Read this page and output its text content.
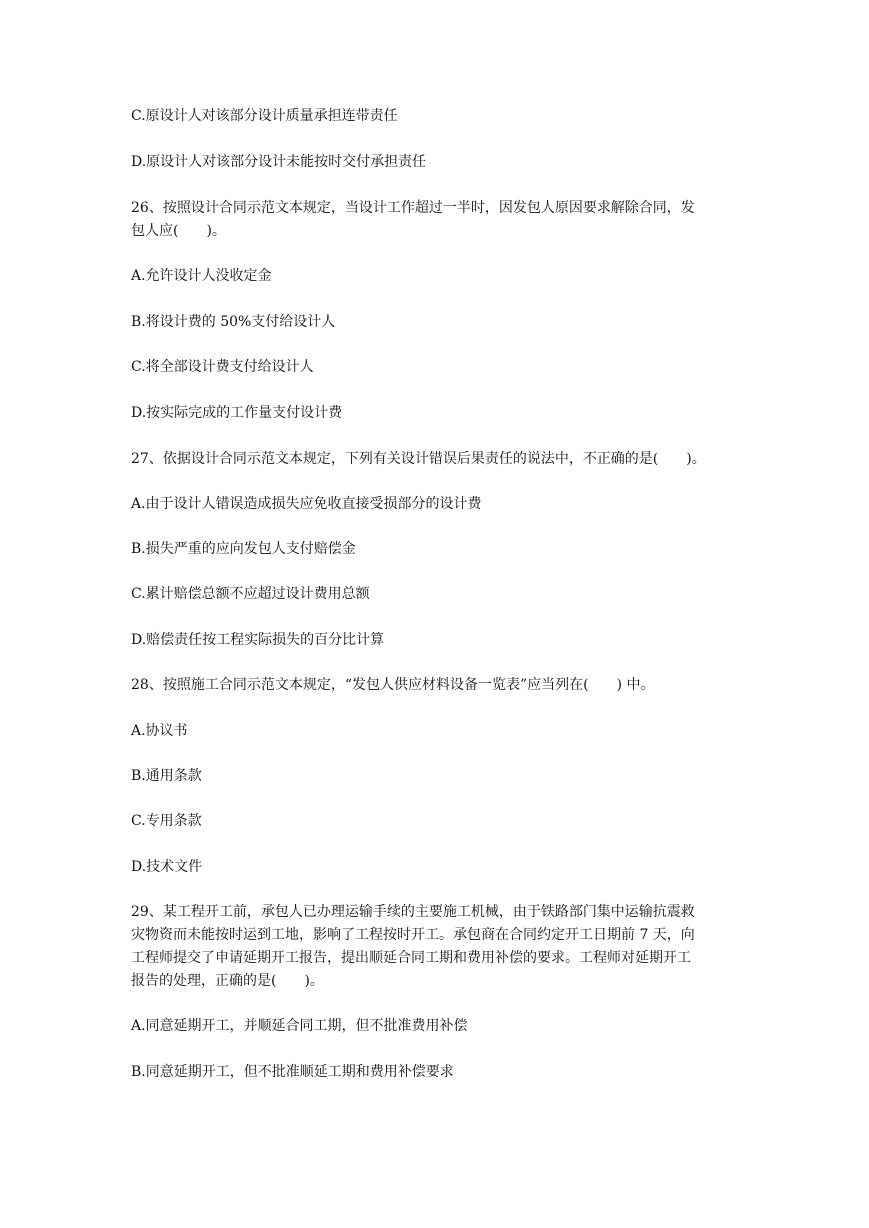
C.原设计人对该部分设计质量承担连带责任
D.原设计人对该部分设计未能按时交付承担责任
26、按照设计合同示范文本规定，当设计工作超过一半时，因发包人原因要求解除合同，发
包人应(　　)。
A.允许设计人没收定金
B.将设计费的 50%支付给设计人
C.将全部设计费支付给设计人
D.按实际完成的工作量支付设计费
27、依据设计合同示范文本规定，下列有关设计错误后果责任的说法中，不正确的是(　　)。
A.由于设计人错误造成损失应免收直接受损部分的设计费
B.损失严重的应向发包人支付赔偿金
C.累计赔偿总额不应超过设计费用总额
D.赔偿责任按工程实际损失的百分比计算
28、按照施工合同示范文本规定，“发包人供应材料设备一览表”应当列在(　　) 中。
A.协议书
B.通用条款
C.专用条款
D.技术文件
29、某工程开工前，承包人已办理运输手续的主要施工机械，由于铁路部门集中运输抗震救
灾物资而未能按时运到工地，影响了工程按时开工。承包商在合同约定开工日期前 7 天，向
工程师提交了申请延期开工报告，提出顺延合同工期和费用补偿的要求。工程师对延期开工
报告的处理，正确的是(　　)。
A.同意延期开工，并顺延合同工期，但不批准费用补偿
B.同意延期开工，但不批准顺延工期和费用补偿要求
